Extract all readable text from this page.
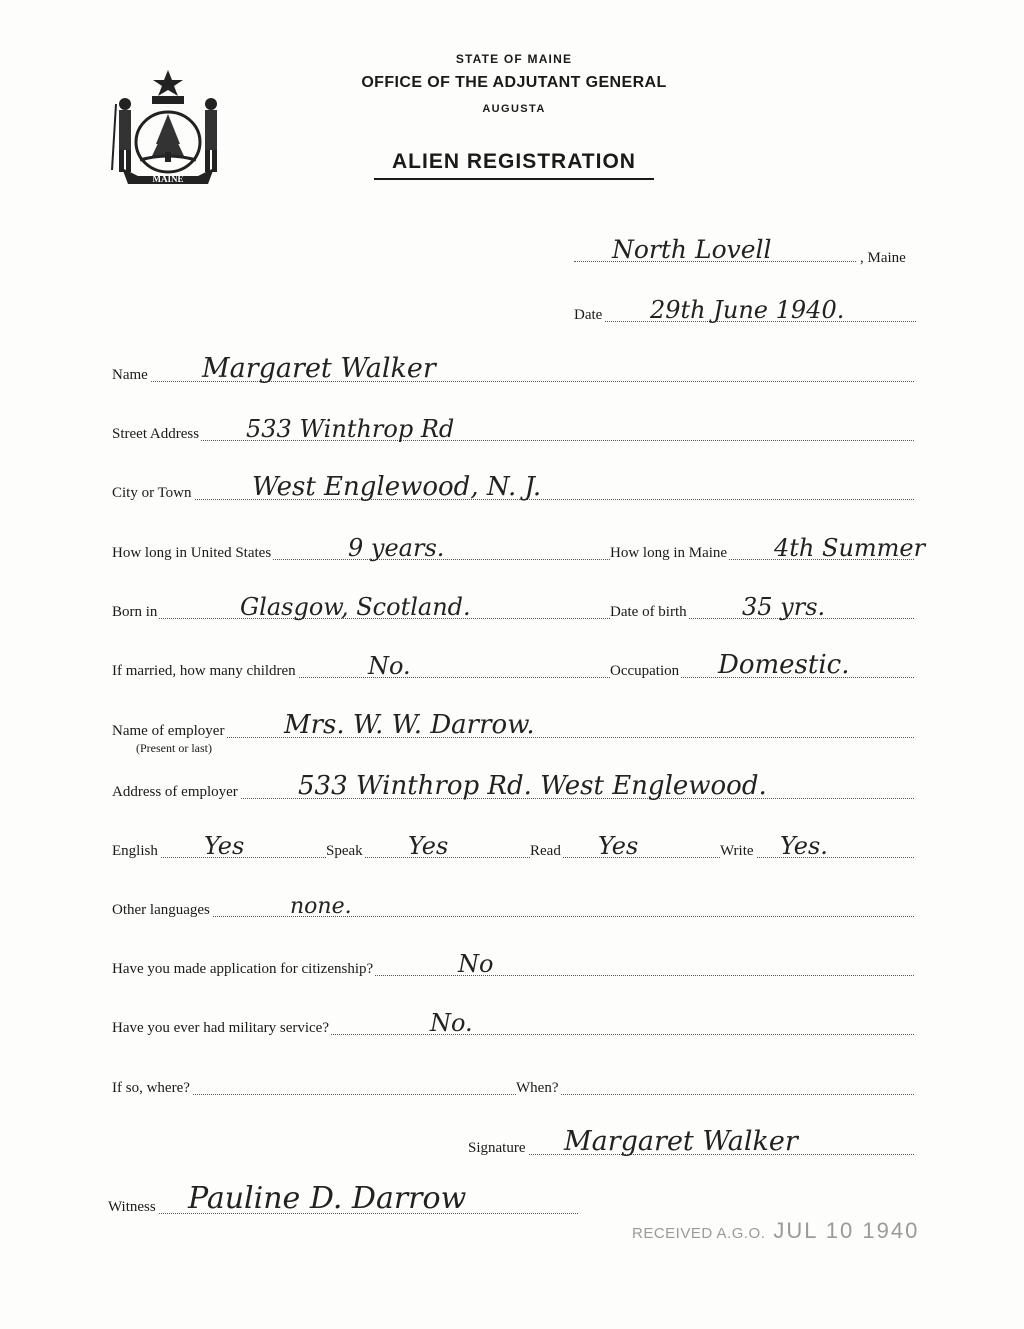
MAINE
STATE OF MAINE
OFFICE OF THE ADJUTANT GENERAL
AUGUSTA
ALIEN REGISTRATION
North Lovell	, Maine
Date 29th June 1940.
Name Margaret Walker
Street Address 533 Winthrop Rd
City or Town West Englewood, N. J.
How long in United States	9 years.	How long in Maine 4th Summer
Born in	Glasgow, Scotland.	Date of birth 35 yrs.
If married, how many children	No.	Occupation Domestic.
Name of employer Mrs. W. W. Darrow.
(Present or last)
Address of employer 533 Winthrop Rd. West Englewood.
English Yes	Speak Yes	Read Yes	Write Yes.
Other languages	none.
Have you made application for citizenship?	No
Have you ever had military service?	No.
If so, where?	When?
Signature Margaret Walker
Witness Pauline D. Darrow
RECEIVED A.G.O. JUL 10 1940
